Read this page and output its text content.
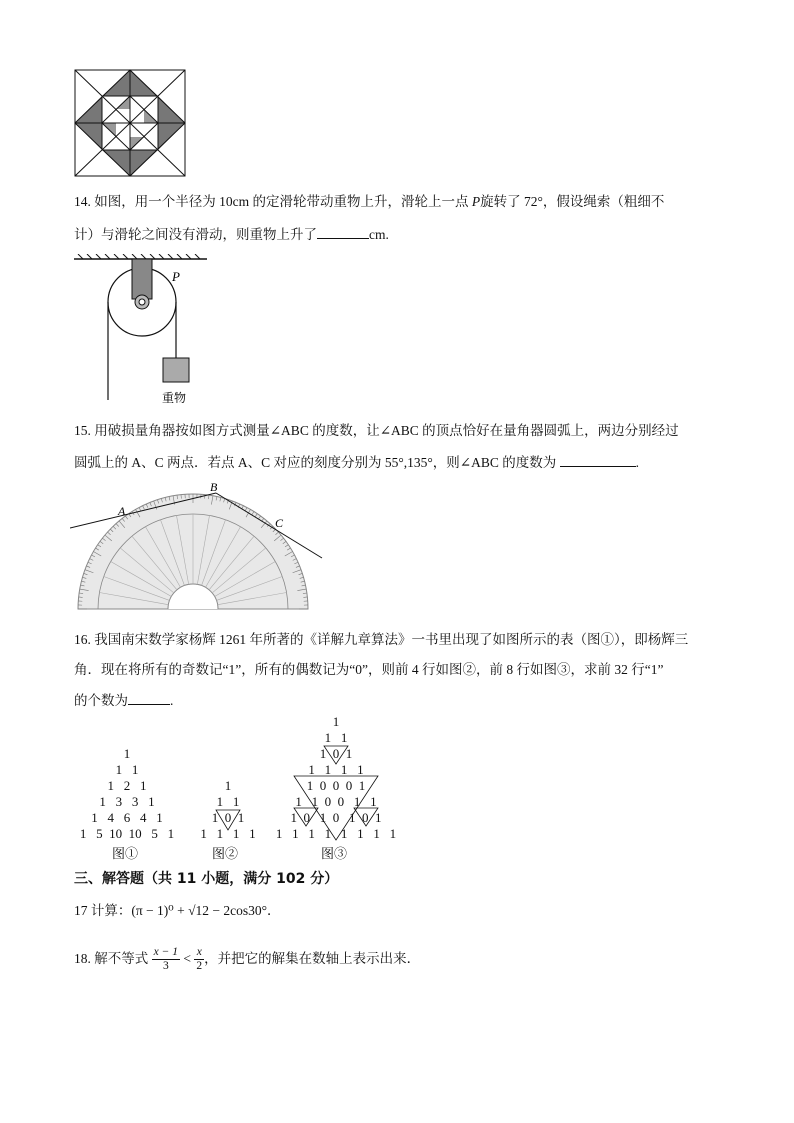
14. 如图，用一个半径为 10cm 的定滑轮带动重物上升，滑轮上一点 P旋转了 72°，假设绳索（粗细不
计）与滑轮之间没有滑动，则重物上升了	cm.
P
重物
15. 用破损量角器按如图方式测量∠ABC 的度数，让∠ABC 的顶点恰好在量角器圆弧上，两边分别经过
圆弧上的 A、C 两点．若点 A、C 对应的刻度分别为 55°,135°，则∠ABC 的度数为	.
A
B
C
16. 我国南宋数学家杨辉 1261 年所著的《详解九章算法》一书里出现了如图所示的表（图①），即杨辉三
角．现在将所有的奇数记“1”，所有的偶数记为“0”，则前 4 行如图②，前 8 行如图③，求前 32 行“1”
的个数为	.
1
1   1
1   2   1
1   3   3   1
1   4   6   4   1
1   5  10  10   5   1
1
1   1
1  0  1
1   1   1   1
1
1   1
1  0  1
1   1   1   1
1  0  0  0  1
1   1  0  0   1   1
1  0   1  0   1  0  1
1   1   1   1   1   1   1   1
图①	图②	图③
三、解答题（共 11 小题，满分 102 分）
17 计算：(π − 1)⁰ + √12 − 2cos30°．
18. 解不等式 $\frac{x - 1}{3} < \frac{x}{2}$ ，并把它的解集在数轴上表示出来．
